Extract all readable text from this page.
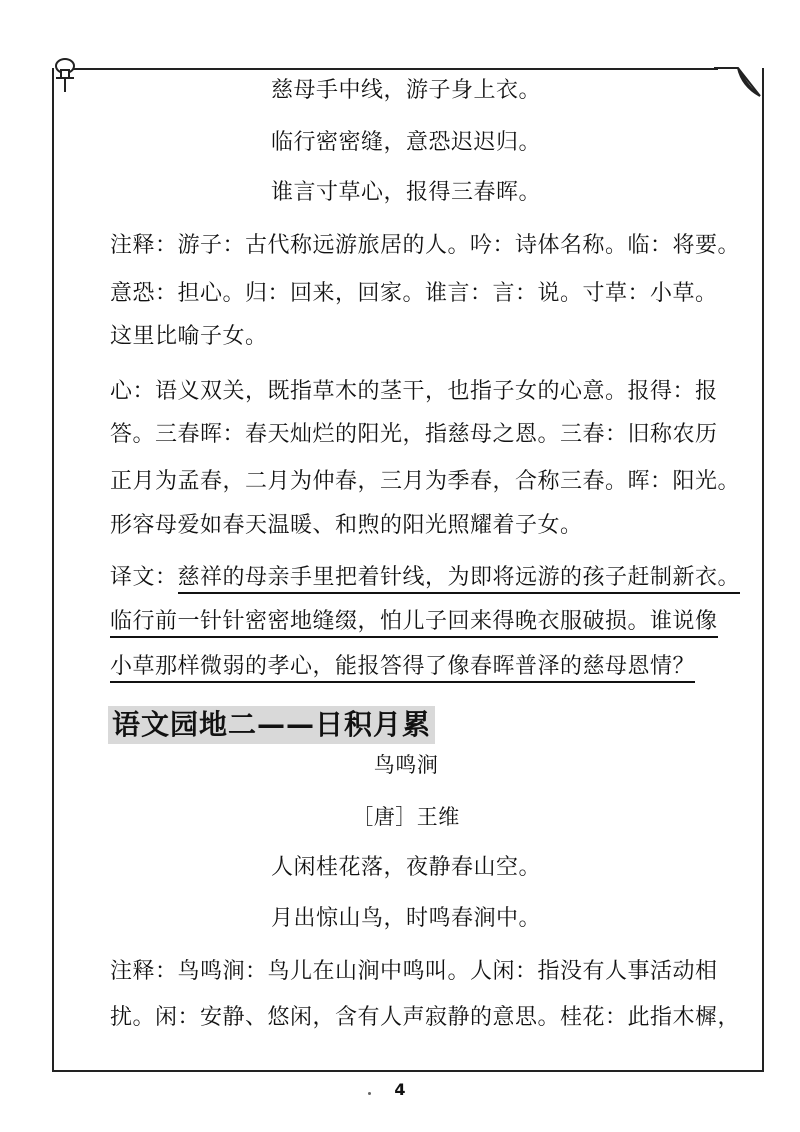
慈母手中线，游子身上衣。
临行密密缝，意恐迟迟归。
谁言寸草心，报得三春晖。
注释：游子：古代称远游旅居的人。吟：诗体名称。临：将要。
意恐：担心。归：回来，回家。谁言：言：说。寸草：小草。
这里比喻子女。
心：语义双关，既指草木的茎干，也指子女的心意。报得：报
答。三春晖：春天灿烂的阳光，指慈母之恩。三春：旧称农历
正月为孟春，二月为仲春，三月为季春，合称三春。晖：阳光。
形容母爱如春天温暖、和煦的阳光照耀着子女。
译文：慈祥的母亲手里把着针线，为即将远游的孩子赶制新衣。
临行前一针针密密地缝缀，怕儿子回来得晚衣服破损。谁说像
小草那样微弱的孝心，能报答得了像春晖普泽的慈母恩情？
语文园地二——日积月累
鸟鸣涧
［唐］王维
人闲桂花落，夜静春山空。
月出惊山鸟，时鸣春涧中。
注释：鸟鸣涧：鸟儿在山涧中鸣叫。人闲：指没有人事活动相
扰。闲：安静、悠闲，含有人声寂静的意思。桂花：此指木樨，
4
